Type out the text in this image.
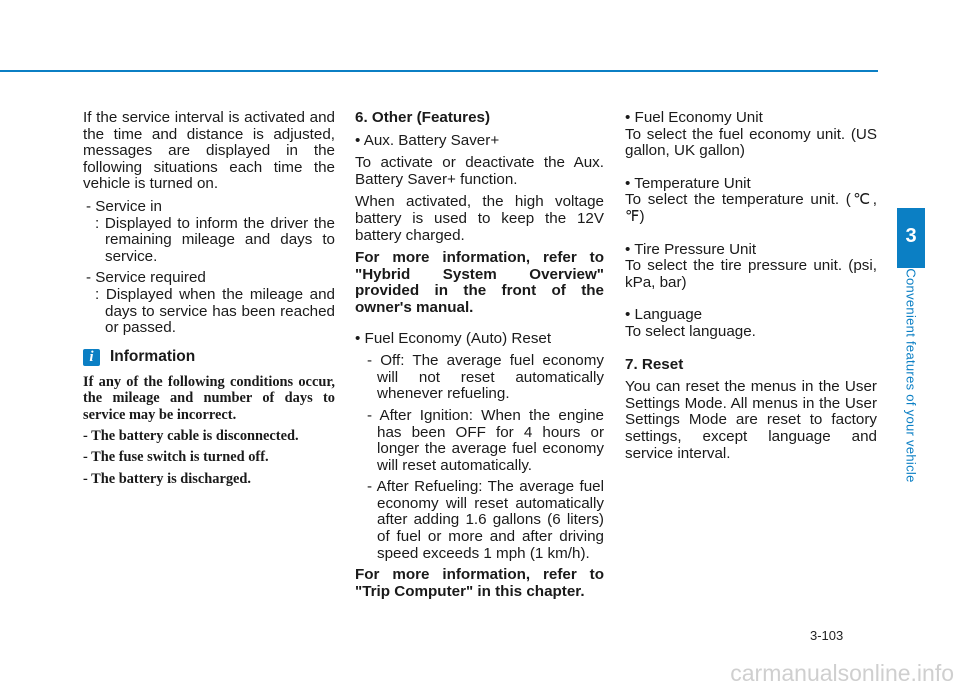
If the service interval is activated and the time and distance is adjusted, messages are displayed in the following situations each time the vehicle is turned on.

- Service in

: Displayed to inform the driver the remaining mileage and days to service.

- Service required

: Displayed when the mileage and days to service has been reached or passed.

i	Information

If any of the following conditions occur, the mileage and number of days to service may be incorrect.

- The battery cable is disconnected.

- The fuse switch is turned off.

- The battery is discharged.

6. Other (Features)

• Aux. Battery Saver+

To activate or deactivate the Aux. Battery Saver+ function.

When activated, the high voltage battery is used to keep the 12V battery charged.

For more information, refer to "Hybrid System Overview" provided in the front of the owner's manual.

• Fuel Economy (Auto) Reset

- Off: The average fuel economy will not reset automatically whenever refueling.

- After Ignition: When the engine has been OFF for 4 hours or longer the average fuel economy will reset automatically.

- After Refueling: The average fuel economy will reset automatically after adding 1.6 gallons (6 liters) of fuel or more and after driving speed exceeds 1 mph (1 km/h).

For more information, refer to "Trip Computer" in this chapter.

• Fuel Economy Unit

To select the fuel economy unit. (US gallon, UK gallon)

• Temperature Unit

To select the temperature unit. (℃,℉)

• Tire Pressure Unit

To select the tire pressure unit. (psi, kPa, bar)

• Language

To select language.

7. Reset

You can reset the menus in the User Settings Mode. All menus in the User Settings Mode are reset to factory settings, except language and service interval.

3
Convenient features of your vehicle
3-103
carmanualsonline.info
